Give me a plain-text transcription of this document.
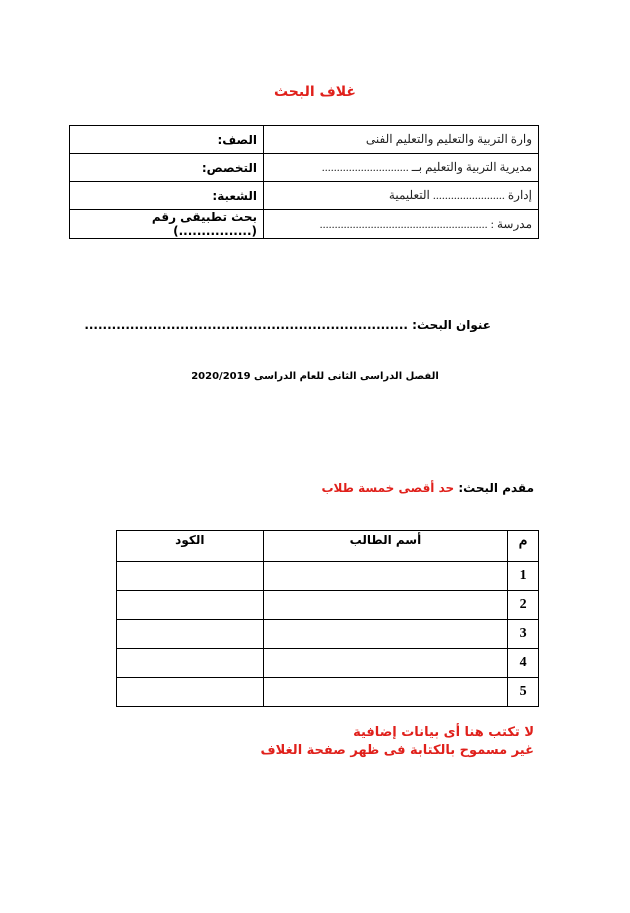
غلاف البحث
وارة التربية والتعليم والتعليم الفنى	الصف:
مديرية التربية والتعليم بــ .............................	التخصص:
إدارة ........................ التعليمية	الشعبة:
مدرسة : ........................................................	بحث تطبيقى رقم (................)
عنوان البحث: .......................................................................
الفصل الدراسى الثانى للعام الدراسى 2020/2019
مقدم البحث: حد أقصى خمسة طلاب
م	أسم الطالب	الكود
1		
2		
3		
4		
5		
لا تكتب هنا أى بيانات إضافية
غير مسموح بالكتابة فى ظهر صفحة الغلاف
